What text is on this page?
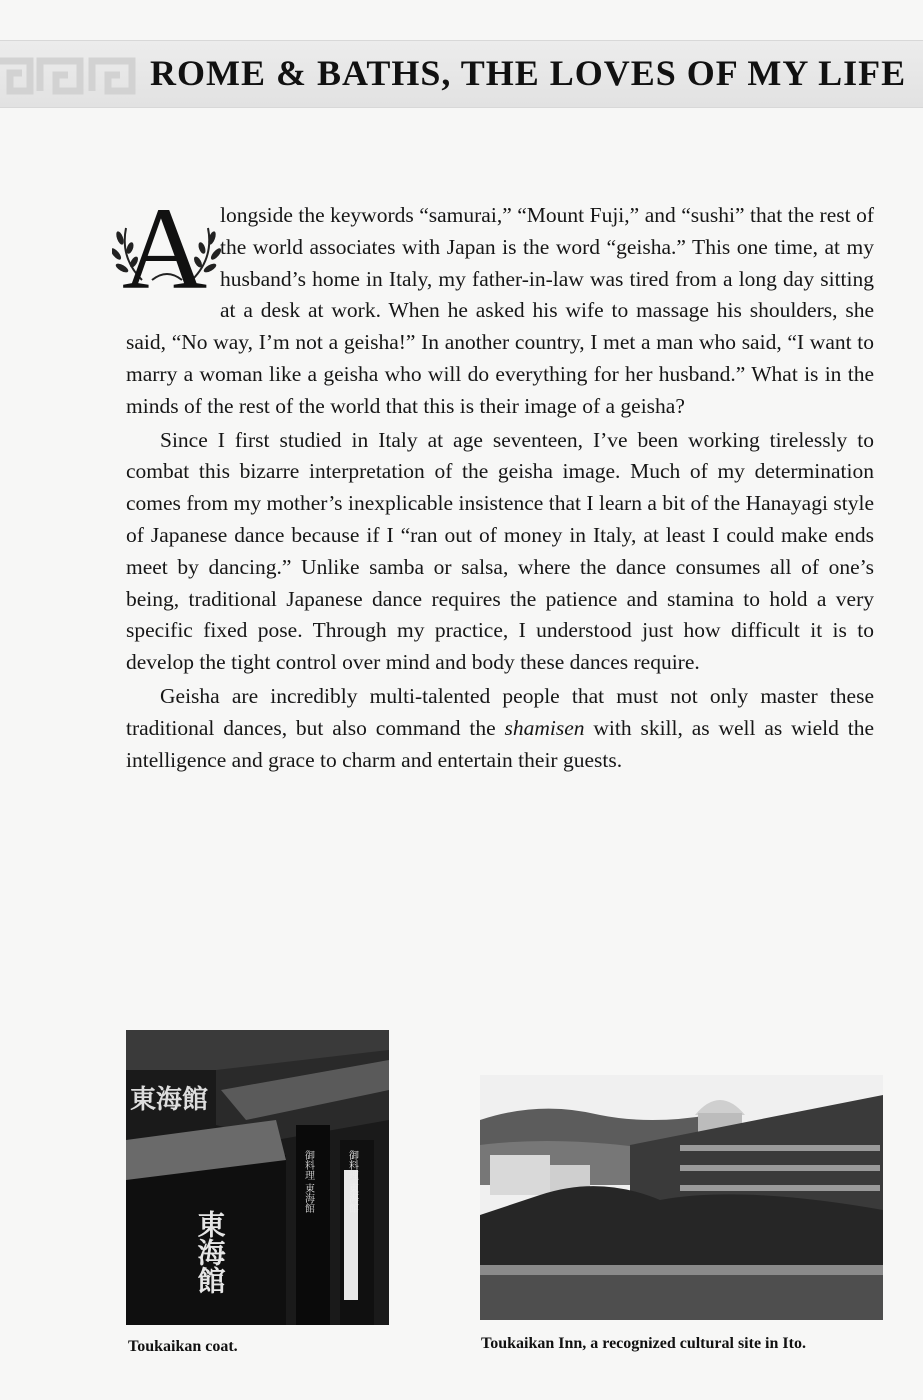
ROME & BATHS, THE LOVES OF MY LIFE

A longside the keywords “samurai,” “Mount Fuji,” and “sushi” that the rest of the world associates with Japan is the word “geisha.” This one time, at my husband’s home in Italy, my father-in-law was tired from a long day sitting at a desk at work. When he asked his wife to massage his shoulders, she said, “No way, I’m not a geisha!” In another country, I met a man who said, “I want to marry a woman like a geisha who will do everything for her husband.” What is in the minds of the rest of the world that this is their image of a geisha?

Since I first studied in Italy at age seventeen, I’ve been working tirelessly to combat this bizarre interpretation of the geisha image. Much of my determination comes from my mother’s inexplicable insistence that I learn a bit of the Hanayagi style of Japanese dance because if I “ran out of money in Italy, at least I could make ends meet by dancing.” Unlike samba or salsa, where the dance consumes all of one’s being, traditional Japanese dance requires the patience and stamina to hold a very specific fixed pose. Through my practice, I understood just how difficult it is to develop the tight control over mind and body these dances require.

Geisha are incredibly multi-talented people that must not only master these traditional dances, but also command the shamisen with skill, as well as wield the intelligence and grace to charm and entertain their guests.

東海館
御料理 東海館	御料理 東海館
東海館

Toukaikan coat.	Toukaikan Inn, a recognized cultural site in Ito.
